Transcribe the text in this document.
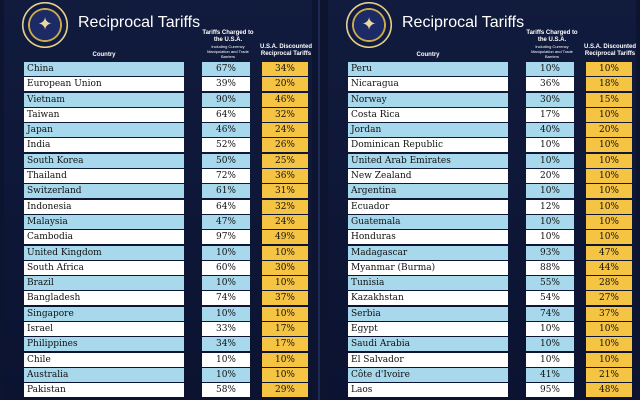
✦	Reciprocal Tariffs
Tariffs Charged to the U.S.A.
Including Currency Manipulation and Trade Barriers
U.S.A. Discounted Reciprocal Tariffs
Country
China	67%	34%
European Union	39%	20%
Vietnam	90%	46%
Taiwan	64%	32%
Japan	46%	24%
India	52%	26%
South Korea	50%	25%
Thailand	72%	36%
Switzerland	61%	31%
Indonesia	64%	32%
Malaysia	47%	24%
Cambodia	97%	49%
United Kingdom	10%	10%
South Africa	60%	30%
Brazil	10%	10%
Bangladesh	74%	37%
Singapore	10%	10%
Israel	33%	17%
Philippines	34%	17%
Chile	10%	10%
Australia	10%	10%
Pakistan	58%	29%
✦	Reciprocal Tariffs
Tariffs Charged to the U.S.A.
Including Currency Manipulation and Trade Barriers
U.S.A. Discounted Reciprocal Tariffs
Country
Peru	10%	10%
Nicaragua	36%	18%
Norway	30%	15%
Costa Rica	17%	10%
Jordan	40%	20%
Dominican Republic	10%	10%
United Arab Emirates	10%	10%
New Zealand	20%	10%
Argentina	10%	10%
Ecuador	12%	10%
Guatemala	10%	10%
Honduras	10%	10%
Madagascar	93%	47%
Myanmar (Burma)	88%	44%
Tunisia	55%	28%
Kazakhstan	54%	27%
Serbia	74%	37%
Egypt	10%	10%
Saudi Arabia	10%	10%
El Salvador	10%	10%
Côte d'Ivoire	41%	21%
Laos	95%	48%
